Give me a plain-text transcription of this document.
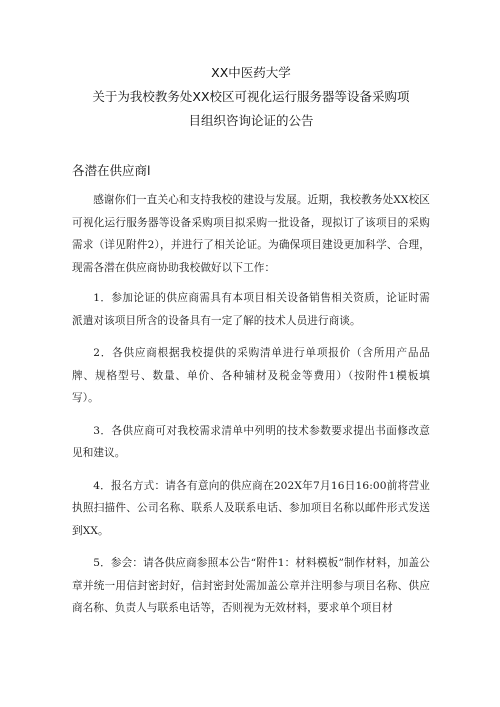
XX中医药大学
关于为我校教务处XX校区可视化运行服务器等设备采购项
目组织咨询论证的公告
各潜在供应商l

感谢你们一直关心和支持我校的建设与发展。近期，我校教务处XX校区可视化运行服务器等设备采购项目拟采购一批设备，现拟订了该项目的采购需求（详见附件2），并进行了相关论证。为确保项目建设更加科学、合理，现需各潜在供应商协助我校做好以下工作：

1．参加论证的供应商需具有本项目相关设备销售相关资质，论证时需派遣对该项目所含的设备具有一定了解的技术人员进行商谈。

2．各供应商根据我校提供的采购清单进行单项报价（含所用产品品牌、规格型号、数量、单价、各种辅材及税金等费用）（按附件1模板填写）。

3．各供应商可对我校需求清单中列明的技术参数要求提出书面修改意见和建议。

4．报名方式：请各有意向的供应商在202X年7月16日16:00前将营业执照扫描件、公司名称、联系人及联系电话、参加项目名称以邮件形式发送到XX。

5．参会：请各供应商参照本公告“附件1：材料模板”制作材料，加盖公章并统一用信封密封好，信封密封处需加盖公章并注明参与项目名称、供应商名称、负责人与联系电话等，否则视为无效材料，要求单个项目材
